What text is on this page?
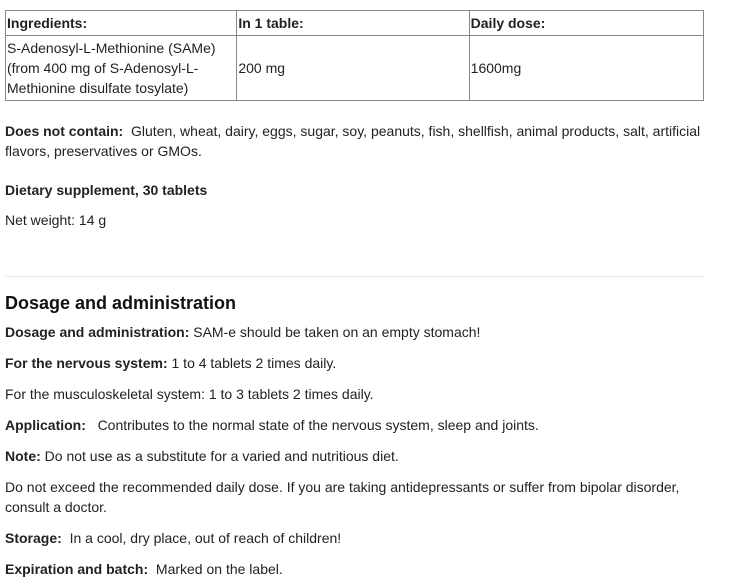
Ingredients:	In 1 table:	Daily dose:
S-Adenosyl-L-Methionine (SAMe) (from 400 mg of S-Adenosyl-L-Methionine disulfate tosylate)	200 mg	1600mg

Does not contain: Gluten, wheat, dairy, eggs, sugar, soy, peanuts, fish, shellfish, animal products, salt, artificial flavors, preservatives or GMOs.

Dietary supplement, 30 tablets

Net weight: 14 g

Dosage and administration

Dosage and administration: SAM-e should be taken on an empty stomach!

For the nervous system: 1 to 4 tablets 2 times daily.

For the musculoskeletal system: 1 to 3 tablets 2 times daily.

Application: Contributes to the normal state of the nervous system, sleep and joints.

Note: Do not use as a substitute for a varied and nutritious diet.

Do not exceed the recommended daily dose. If you are taking antidepressants or suffer from bipolar disorder, consult a doctor.

Storage: In a cool, dry place, out of reach of children!

Expiration and batch: Marked on the label.
